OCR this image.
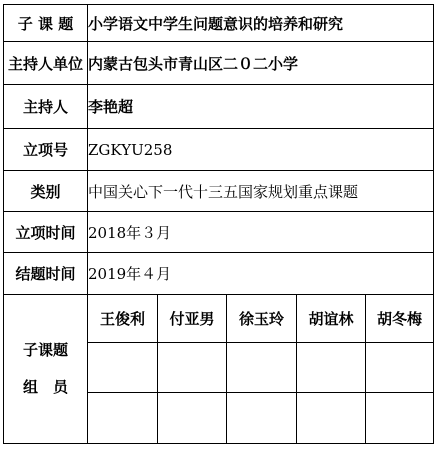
子 课 题	小学语文中学生问题意识的培养和研究				
主持人单位	内蒙古包头市青山区二０二小学				
主持人	李艳超				
立项号	ZGKYU258				
类别	中国关心下一代十三五国家规划重点课题				
立项时间	2018年３月				
结题时间	2019年４月				

子课题
组　员	王俊利	付亚男	徐玉玲	胡谊林	胡冬梅
